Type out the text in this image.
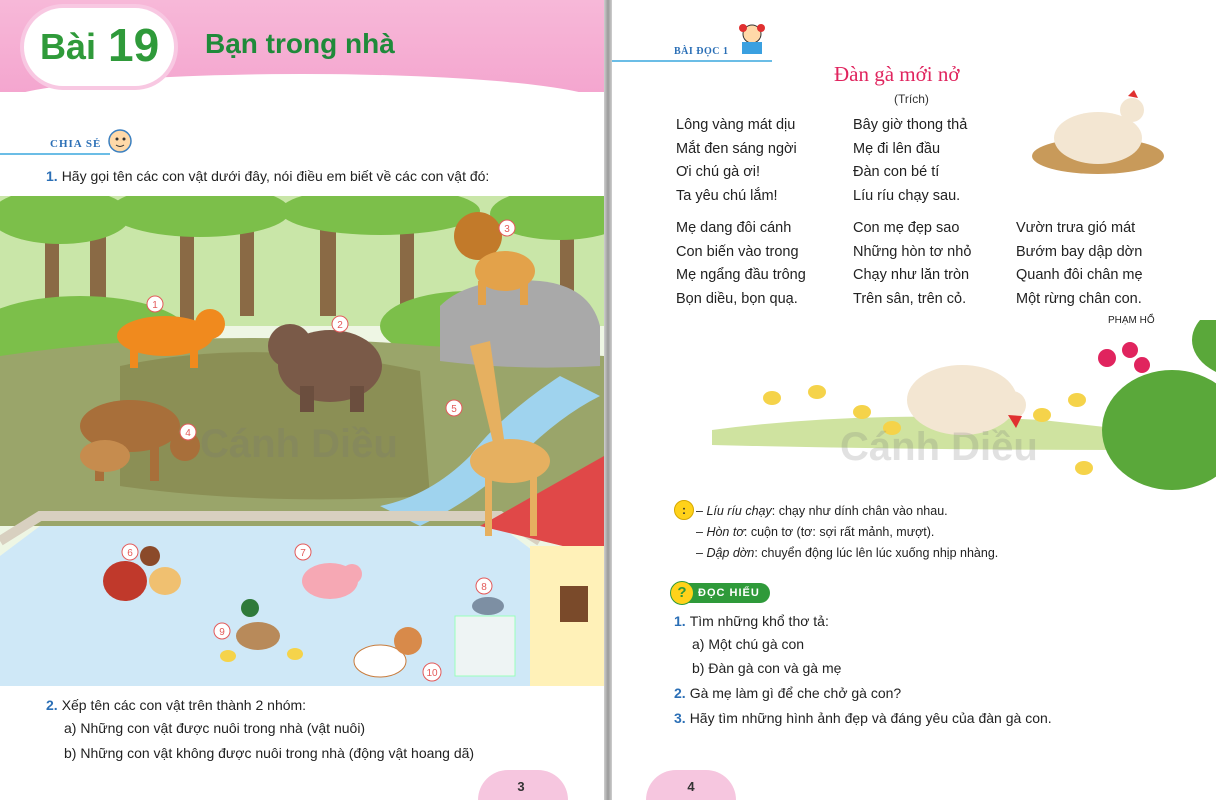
Bài 19 Bạn trong nhà
CHIA SẺ
1. Hãy gọi tên các con vật dưới đây, nói điều em biết về các con vật đó:
1
2
3
4
5
6	7
8
9
10
Cánh Diều
2. Xếp tên các con vật trên thành 2 nhóm:
a) Những con vật được nuôi trong nhà (vật nuôi)
b) Những con vật không được nuôi trong nhà (động vật hoang dã)
3
BÀI ĐỌC 1
Đàn gà mới nở
(Trích)
Lông vàng mát dịu
Mắt đen sáng ngời
Ơi chú gà ơi!
Ta yêu chú lắm!
Bây giờ thong thả
Mẹ đi lên đầu
Đàn con bé tí
Líu ríu chạy sau.
Mẹ dang đôi cánh
Con biến vào trong
Mẹ ngẩng đầu trông
Bọn diều, bọn quạ.
Con mẹ đẹp sao
Những hòn tơ nhỏ
Chạy như lăn tròn
Trên sân, trên cỏ.
Vườn trưa gió mát
Bướm bay dập dờn
Quanh đôi chân mẹ
Một rừng chân con.
PHẠM HỔ
Cánh Diều
: – Líu ríu chạy: chạy như dính chân vào nhau.
– Hòn tơ: cuộn tơ (tơ: sợi rất mảnh, mượt).
– Dập dờn: chuyển động lúc lên lúc xuống nhịp nhàng.
ĐỌC HIỂU
?
1. Tìm những khổ thơ tả:
a) Một chú gà con
b) Đàn gà con và gà mẹ
2. Gà mẹ làm gì để che chở gà con?
3. Hãy tìm những hình ảnh đẹp và đáng yêu của đàn gà con.
4
